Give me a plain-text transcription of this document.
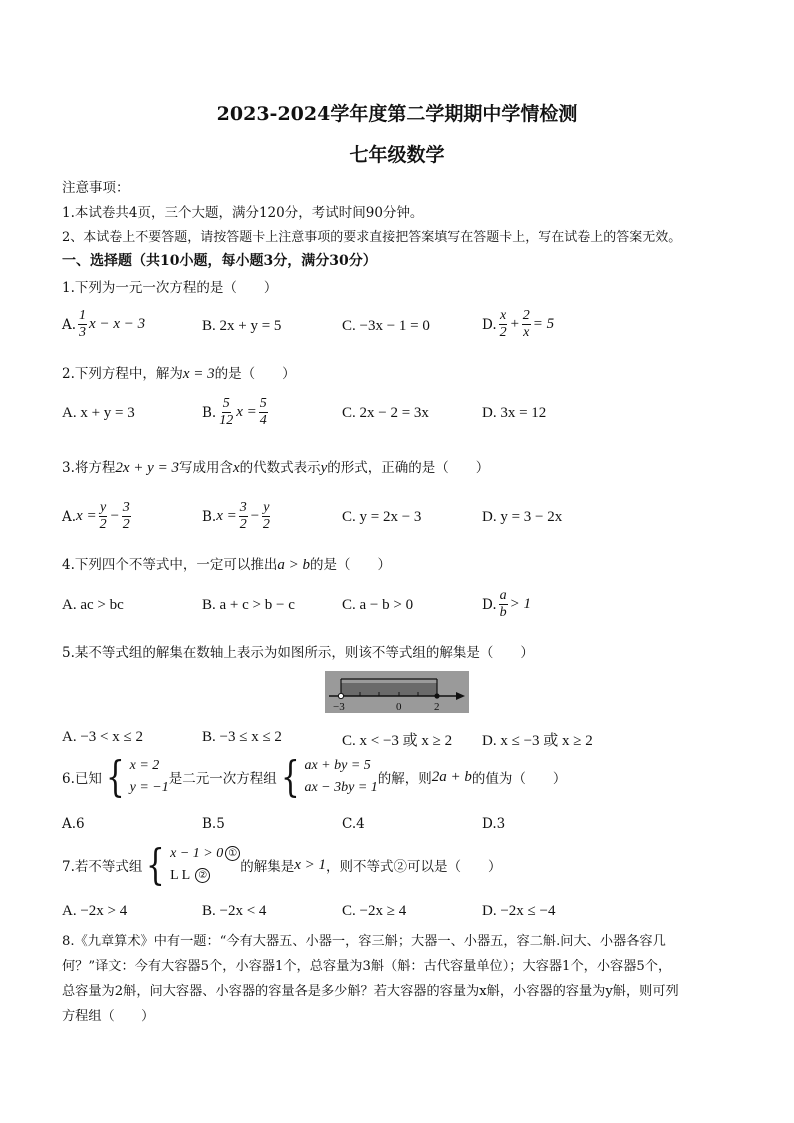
2023-2024学年度第二学期期中学情检测
七年级数学
注意事项：
1.本试卷共4页，三个大题，满分120分，考试时间90分钟。
2、本试卷上不要答题，请按答题卡上注意事项的要求直接把答案填写在答题卡上，写在试卷上的答案无效。
一、选择题（共10小题，每小题3分，满分30分）
1.下列为一元一次方程的是（　　）
A. $\frac{1}{3}$ x − x − 3	B. 2x + y = 5	C. −3x − 1 = 0	D. $\frac{x}{2} + \frac{2}{x} = 5$
2.下列方程中，解为x = 3的是（　　）
A. x + y = 3	B. $\frac{5}{12}$ $x = \frac{5}{4}$	C. 2x − 2 = 3x	D. 3x = 12
3.将方程2x + y = 3写成用含x的代数式表示y的形式，正确的是（　　）
A. $x = \frac{y}{2} - \frac{3}{2}$	B. $x = \frac{3}{2} - \frac{y}{2}$	C. y = 2x − 3	D. y = 3 − 2x
4.下列四个不等式中，一定可以推出a > b的是（　　）
A. ac > bc	B. a + c > b − c	C. a − b > 0	D. $\frac{a}{b} > 1$
5.某不等式组的解集在数轴上表示为如图所示，则该不等式组的解集是（　　）
−3	0	2
A. −3 < x ≤ 2	B. −3 ≤ x ≤ 2	C. x < −3 或 x ≥ 2 D. x ≤ −3 或 x ≥ 2
6.已知 { x = 2
y = −1
是二元一次方程组 { ax + by = 5
ax − 3by = 1
的解，则 2a + b 的值为（　　）
A.6	B.5	C.4	D.3
7.若不等式组 { x − 1 > 0 ①
L L ②
的解集是 x > 1 ，则不等式②可以是（　　）
A. −2x > 4	B. −2x < 4	C. −2x ≥ 4	D. −2x ≤ −4
8.《九章算术》中有一题：“今有大器五、小器一，容三斛；大器一、小器五，容二斛.问大、小器各容几
何？”译文：今有大容器5个，小容器1个，总容量为3斛（斛：古代容量单位）；大容器1个，小容器5个，
总容量为2斛，问大容器、小容器的容量各是多少斛？若大容器的容量为x斛，小容器的容量为y斛，则可列
方程组（　　）
